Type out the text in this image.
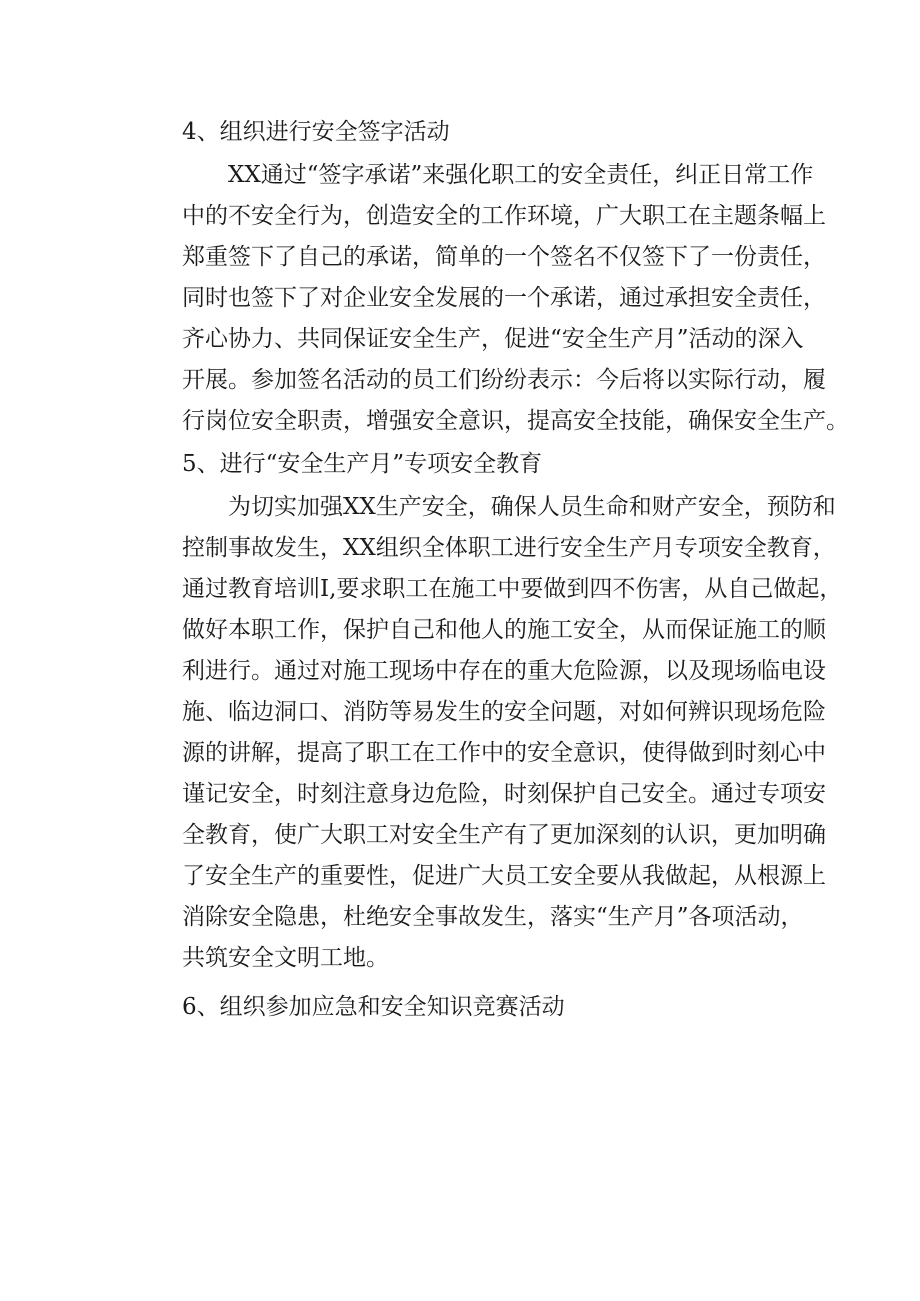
4、组织进行安全签字活动

XX通过“签字承诺”来强化职工的安全责任，纠正日常工作
中的不安全行为，创造安全的工作环境，广大职工在主题条幅上
郑重签下了自己的承诺，简单的一个签名不仅签下了一份责任，
同时也签下了对企业安全发展的一个承诺，通过承担安全责任，
齐心协力、共同保证安全生产，促进“安全生产月”活动的深入
开展。参加签名活动的员工们纷纷表示：今后将以实际行动，履
行岗位安全职责，增强安全意识，提高安全技能，确保安全生产。

5、进行“安全生产月”专项安全教育

为切实加强XX生产安全，确保人员生命和财产安全，预防和
控制事故发生，XX组织全体职工进行安全生产月专项安全教育，
通过教育培训I,要求职工在施工中要做到四不伤害，从自己做起，
做好本职工作，保护自己和他人的施工安全，从而保证施工的顺
利进行。通过对施工现场中存在的重大危险源，以及现场临电设
施、临边洞口、消防等易发生的安全问题，对如何辨识现场危险
源的讲解，提高了职工在工作中的安全意识，使得做到时刻心中
谨记安全，时刻注意身边危险，时刻保护自己安全。通过专项安
全教育，使广大职工对安全生产有了更加深刻的认识，更加明确
了安全生产的重要性，促进广大员工安全要从我做起，从根源上
消除安全隐患，杜绝安全事故发生，落实“生产月”各项活动，
共筑安全文明工地。

6、组织参加应急和安全知识竞赛活动
